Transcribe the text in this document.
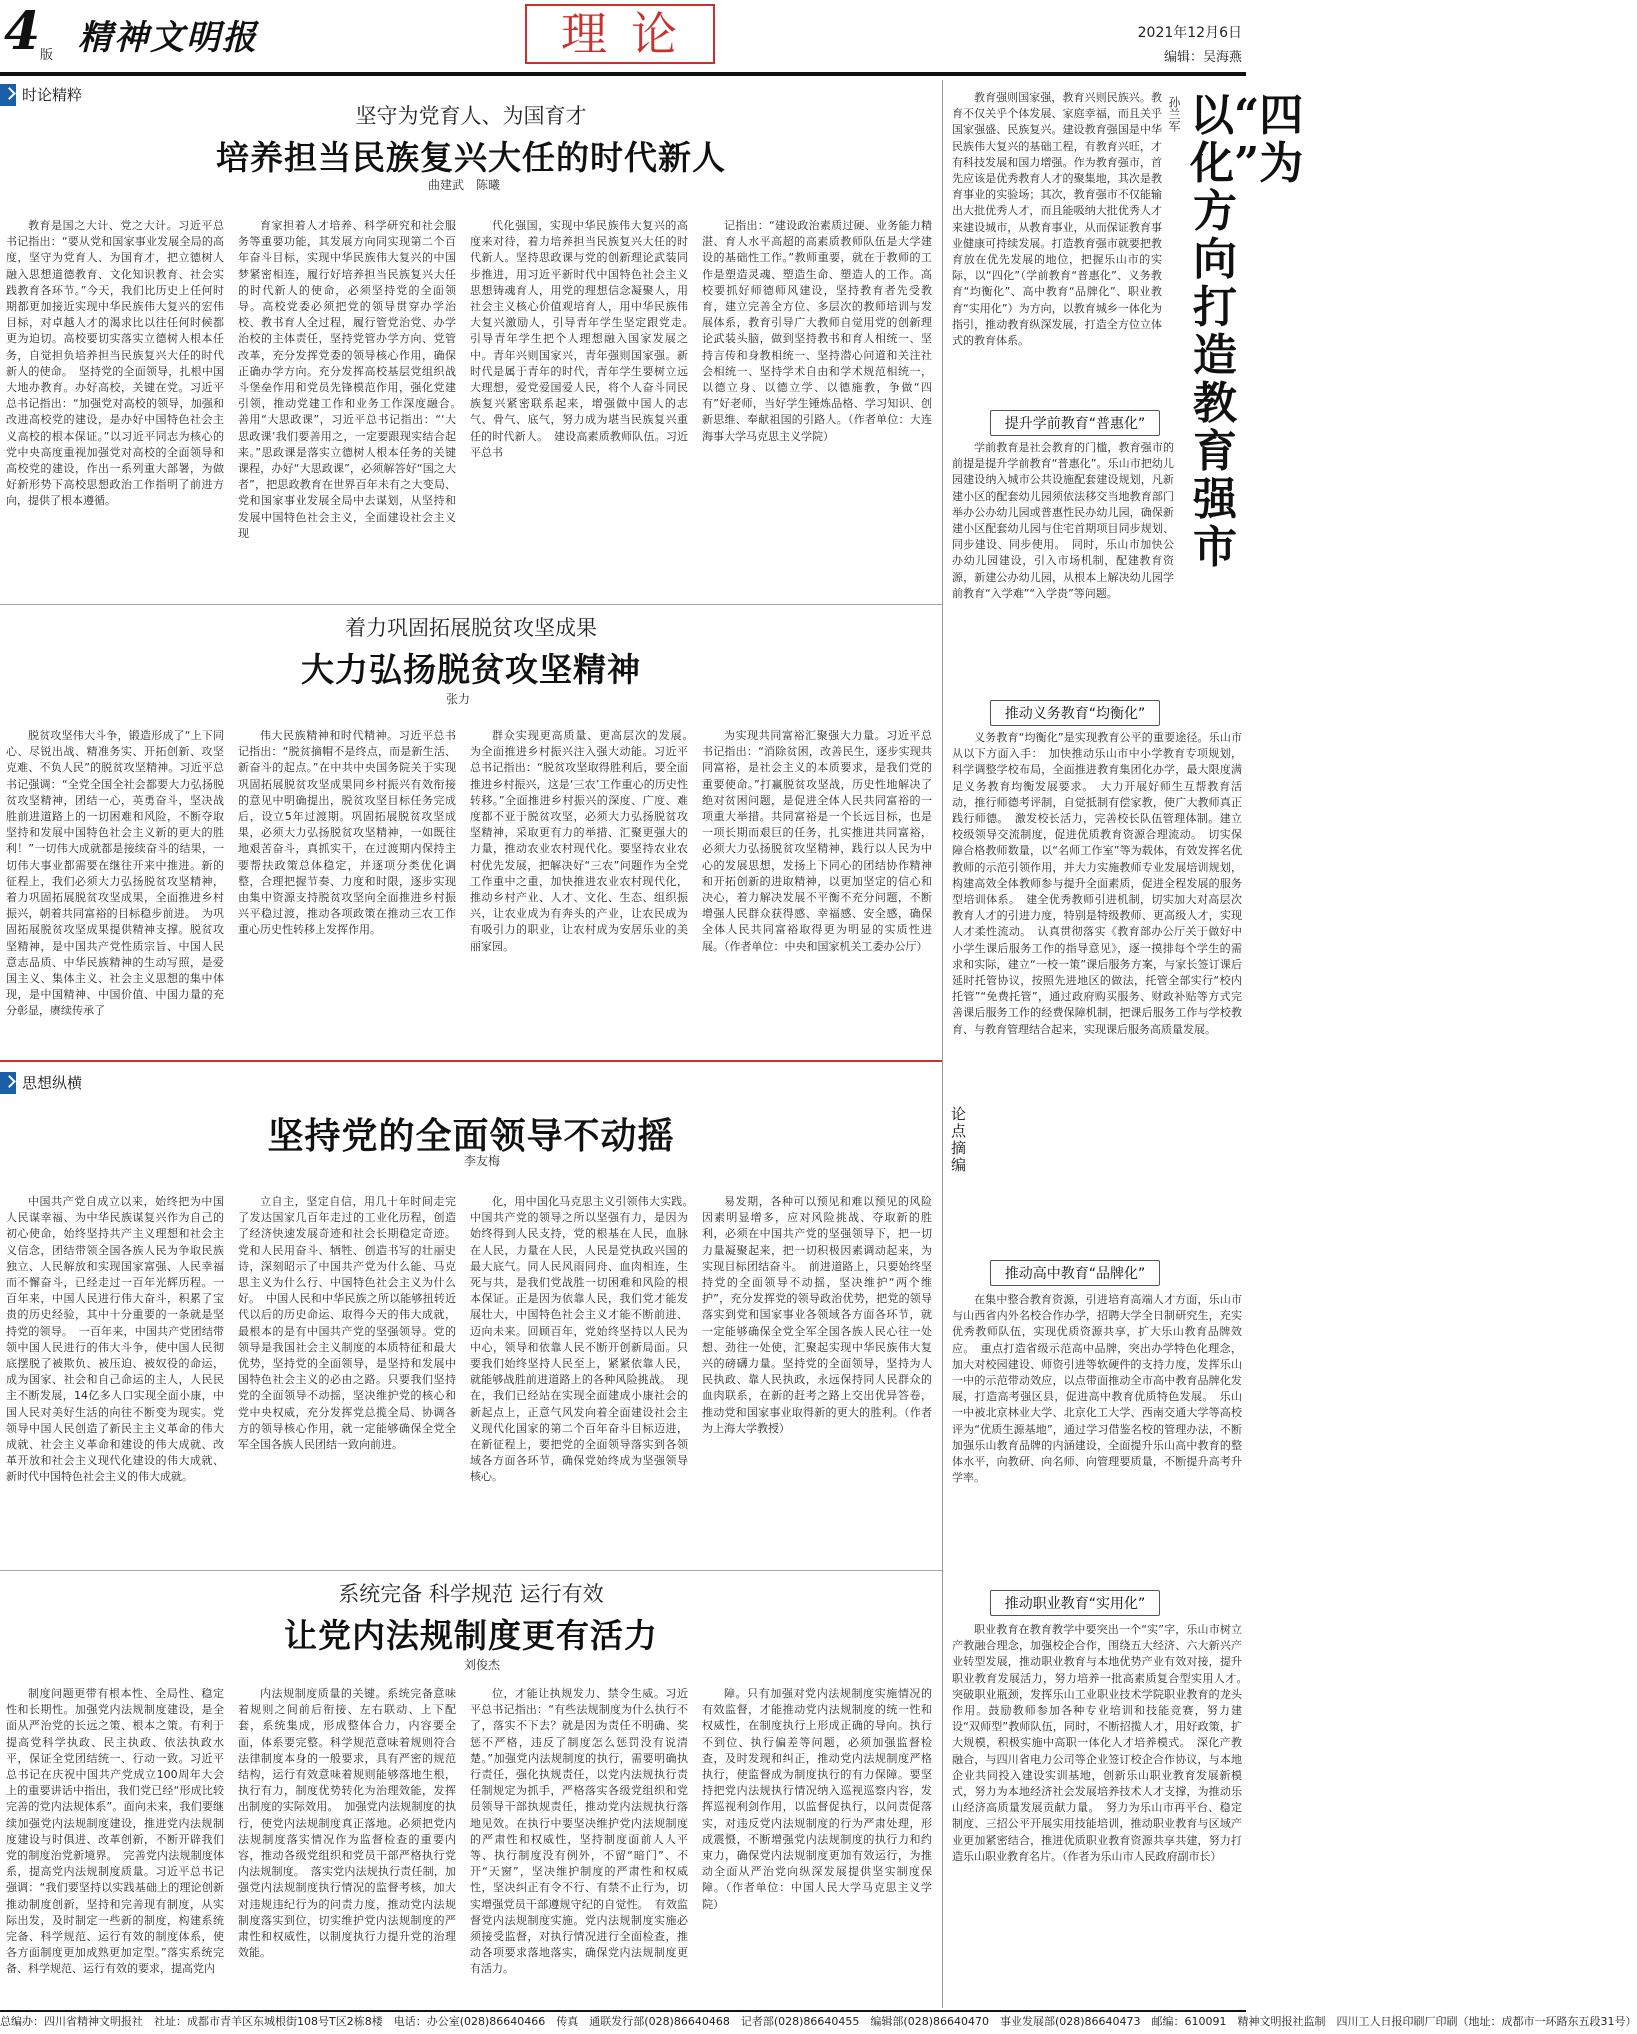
4 版 精神文明报	理论	2021年12月6日
编辑：吴海燕
时论精粹
坚守为党育人、为国育才
培养担当民族复兴大任的时代新人
曲建武　陈曦
教育是国之大计、党之大计。习近平总书记指出：“要从党和国家事业发展全局的高度，坚守为党育人、为国育才，把立德树人融入思想道德教育、文化知识教育、社会实践教育各环节。”今天，我们比历史上任何时期都更加接近实现中华民族伟大复兴的宏伟目标，对卓越人才的渴求比以往任何时候都更为迫切。高校要切实落实立德树人根本任务，自觉担负培养担当民族复兴大任的时代新人的使命。　坚持党的全面领导，扎根中国大地办教育。办好高校，关键在党。习近平总书记指出：“加强党对高校的领导，加强和改进高校党的建设，是办好中国特色社会主义高校的根本保证。”以习近平同志为核心的党中央高度重视加强党对高校的全面领导和高校党的建设，作出一系列重大部署，为做好新形势下高校思想政治工作指明了前进方向，提供了根本遵循。
育家担着人才培养、科学研究和社会服务等重要功能，其发展方向同实现第二个百年奋斗目标，实现中华民族伟大复兴的中国梦紧密相连，履行好培养担当民族复兴大任的时代新人的使命，必须坚持党的全面领导。高校党委必须把党的领导贯穿办学治校、教书育人全过程，履行管党治党、办学治校的主体责任，坚持党管办学方向、党管改革，充分发挥党委的领导核心作用，确保正确办学方向。充分发挥高校基层党组织战斗堡垒作用和党员先锋模范作用，强化党建引领，推动党建工作和业务工作深度融合。　善用“大思政课”，习近平总书记指出：“‘大思政课’我们要善用之，一定要跟现实结合起来。”思政课是落实立德树人根本任务的关键课程，办好“大思政课”，必须解答好“国之大者”，把思政教育在世界百年未有之大变局、党和国家事业发展全局中去谋划，从坚持和发展中国特色社会主义，全面建设社会主义现
代化强国，实现中华民族伟大复兴的高度来对待，着力培养担当民族复兴大任的时代新人。坚持思政课与党的创新理论武装同步推进，用习近平新时代中国特色社会主义思想铸魂育人，用党的理想信念凝聚人，用社会主义核心价值观培育人，用中华民族伟大复兴激励人，引导青年学生坚定跟党走。　引导青年学生把个人理想融入国家发展之中。青年兴则国家兴，青年强则国家强。新时代是属于青年的时代，青年学生要树立远大理想，爱党爱国爱人民，将个人奋斗同民族复兴紧密联系起来，增强做中国人的志气、骨气、底气，努力成为堪当民族复兴重任的时代新人。　建设高素质教师队伍。习近平总书
记指出：“建设政治素质过硬、业务能力精湛、育人水平高超的高素质教师队伍是大学建设的基础性工作。”教师重要，就在于教师的工作是塑造灵魂、塑造生命、塑造人的工作。高校要抓好师德师风建设，坚持教育者先受教育，建立完善全方位、多层次的教师培训与发展体系，教育引导广大教师自觉用党的创新理论武装头脑，做到坚持教书和育人相统一、坚持言传和身教相统一、坚持潜心问道和关注社会相统一、坚持学术自由和学术规范相统一，以德立身、以德立学、以德施教，争做“四有”好老师，当好学生锤炼品格、学习知识、创新思维、奉献祖国的引路人。（作者单位：大连海事大学马克思主义学院）
着力巩固拓展脱贫攻坚成果
大力弘扬脱贫攻坚精神
张力
脱贫攻坚伟大斗争，锻造形成了“上下同心、尽锐出战、精准务实、开拓创新、攻坚克难、不负人民”的脱贫攻坚精神。习近平总书记强调：“全党全国全社会都要大力弘扬脱贫攻坚精神，团结一心，英勇奋斗，坚决战胜前进道路上的一切困难和风险，不断夺取坚持和发展中国特色社会主义新的更大的胜利！”一切伟大成就都是接续奋斗的结果，一切伟大事业都需要在继往开来中推进。新的征程上，我们必须大力弘扬脱贫攻坚精神，着力巩固拓展脱贫攻坚成果，全面推进乡村振兴，朝着共同富裕的目标稳步前进。　为巩固拓展脱贫攻坚成果提供精神支撑。脱贫攻坚精神，是中国共产党性质宗旨、中国人民意志品质、中华民族精神的生动写照，是爱国主义、集体主义、社会主义思想的集中体现，是中国精神、中国价值、中国力量的充分彰显，赓续传承了
伟大民族精神和时代精神。习近平总书记指出：“脱贫摘帽不是终点，而是新生活、新奋斗的起点。”在中共中央国务院关于实现巩固拓展脱贫攻坚成果同乡村振兴有效衔接的意见中明确提出，脱贫攻坚目标任务完成后，设立5年过渡期。巩固拓展脱贫攻坚成果，必须大力弘扬脱贫攻坚精神，一如既往地艰苦奋斗，真抓实干，在过渡期内保持主要帮扶政策总体稳定，并逐项分类优化调整，合理把握节奏、力度和时限，逐步实现由集中资源支持脱贫攻坚向全面推进乡村振兴平稳过渡，推动各项政策在推动三农工作重心历史性转移上发挥作用。
群众实现更高质量、更高层次的发展。　为全面推进乡村振兴注入强大动能。习近平总书记指出：“脱贫攻坚取得胜利后，要全面推进乡村振兴，这是‘三农’工作重心的历史性转移。”全面推进乡村振兴的深度、广度、难度都不亚于脱贫攻坚，必须大力弘扬脱贫攻坚精神，采取更有力的举措、汇聚更强大的力量，推动农业农村现代化。要坚持农业农村优先发展，把解决好“三农”问题作为全党工作重中之重，加快推进农业农村现代化，推动乡村产业、人才、文化、生态、组织振兴，让农业成为有奔头的产业，让农民成为有吸引力的职业，让农村成为安居乐业的美丽家园。
为实现共同富裕汇聚强大力量。习近平总书记指出：“消除贫困，改善民生，逐步实现共同富裕，是社会主义的本质要求，是我们党的重要使命。”打赢脱贫攻坚战，历史性地解决了绝对贫困问题，是促进全体人民共同富裕的一项重大举措。共同富裕是一个长远目标，也是一项长期而艰巨的任务，扎实推进共同富裕，必须大力弘扬脱贫攻坚精神，践行以人民为中心的发展思想，发扬上下同心的团结协作精神和开拓创新的进取精神，以更加坚定的信心和决心，着力解决发展不平衡不充分问题，不断增强人民群众获得感、幸福感、安全感，确保全体人民共同富裕取得更为明显的实质性进展。（作者单位：中央和国家机关工委办公厅）
思想纵横
坚持党的全面领导不动摇
李友梅
中国共产党自成立以来，始终把为中国人民谋幸福、为中华民族谋复兴作为自己的初心使命，始终坚持共产主义理想和社会主义信念，团结带领全国各族人民为争取民族独立、人民解放和实现国家富强、人民幸福而不懈奋斗，已经走过一百年光辉历程。一百年来，中国人民进行伟大奋斗，积累了宝贵的历史经验，其中十分重要的一条就是坚持党的领导。　一百年来，中国共产党团结带领中国人民进行的伟大斗争，使中国人民彻底摆脱了被欺负、被压迫、被奴役的命运，成为国家、社会和自己命运的主人，人民民主不断发展，14亿多人口实现全面小康，中国人民对美好生活的向往不断变为现实。党领导中国人民创造了新民主主义革命的伟大成就、社会主义革命和建设的伟大成就、改革开放和社会主义现代化建设的伟大成就、新时代中国特色社会主义的伟大成就。
立自主，坚定自信，用几十年时间走完了发达国家几百年走过的工业化历程，创造了经济快速发展奇迹和社会长期稳定奇迹。党和人民用奋斗、牺牲、创造书写的壮丽史诗，深刻昭示了中国共产党为什么能、马克思主义为什么行、中国特色社会主义为什么好。　中国人民和中华民族之所以能够扭转近代以后的历史命运、取得今天的伟大成就，最根本的是有中国共产党的坚强领导。党的领导是我国社会主义制度的本质特征和最大优势，坚持党的全面领导，是坚持和发展中国特色社会主义的必由之路。只要我们坚持党的全面领导不动摇，坚决维护党的核心和党中央权威，充分发挥党总揽全局、协调各方的领导核心作用，就一定能够确保全党全军全国各族人民团结一致向前进。
化，用中国化马克思主义引领伟大实践。　中国共产党的领导之所以坚强有力，是因为始终得到人民支持，党的根基在人民，血脉在人民，力量在人民，人民是党执政兴国的最大底气。同人民风雨同舟、血肉相连，生死与共，是我们党战胜一切困难和风险的根本保证。正是因为依靠人民，我们党才能发展壮大，中国特色社会主义才能不断前进、迈向未来。回顾百年，党始终坚持以人民为中心，领导和依靠人民不断开创新局面。只要我们始终坚持人民至上，紧紧依靠人民，就能够战胜前进道路上的各种风险挑战。　现在，我们已经站在实现全面建成小康社会的新起点上，正意气风发向着全面建设社会主义现代化国家的第二个百年奋斗目标迈进，在新征程上，要把党的全面领导落实到各领域各方面各环节，确保党始终成为坚强领导核心。
易发期，各种可以预见和难以预见的风险因素明显增多，应对风险挑战、夺取新的胜利，必须在中国共产党的坚强领导下，把一切力量凝聚起来，把一切积极因素调动起来，为实现目标团结奋斗。　前进道路上，只要始终坚持党的全面领导不动摇，坚决维护“两个维护”，充分发挥党的领导政治优势，把党的领导落实到党和国家事业各领域各方面各环节，就一定能够确保全党全军全国各族人民心往一处想、劲往一处使，汇聚起实现中华民族伟大复兴的磅礴力量。坚持党的全面领导，坚持为人民执政、靠人民执政，永远保持同人民群众的血肉联系，在新的赶考之路上交出优异答卷，推动党和国家事业取得新的更大的胜利。（作者为上海大学教授）
系统完备 科学规范 运行有效
让党内法规制度更有活力
刘俊杰
制度问题更带有根本性、全局性、稳定性和长期性。加强党内法规制度建设，是全面从严治党的长远之策、根本之策。有利于提高党科学执政、民主执政、依法执政水平，保证全党团结统一、行动一致。习近平总书记在庆祝中国共产党成立100周年大会上的重要讲话中指出，我们党已经“形成比较完善的党内法规体系”。面向未来，我们要继续加强党内法规制度建设，推进党内法规制度建设与时俱进、改革创新，不断开辟我们党的制度治党新境界。　完善党内法规制度体系，提高党内法规制度质量。习近平总书记强调：“我们要坚持以实践基础上的理论创新推动制度创新，坚持和完善现有制度，从实际出发，及时制定一些新的制度，构建系统完备、科学规范、运行有效的制度体系，使各方面制度更加成熟更加定型。”落实系统完备、科学规范、运行有效的要求，提高党内
内法规制度质量的关键。系统完备意味着规则之间前后衔接、左右联动、上下配套，系统集成，形成整体合力，内容要全面，体系要完整。科学规范意味着规则符合法律制度本身的一般要求，具有严密的规范结构，运行有效意味着规则能够落地生根，执行有力，制度优势转化为治理效能，发挥出制度的实际效用。　加强党内法规制度的执行，使党内法规制度真正落地。必须把党内法规制度落实情况作为监督检查的重要内容，推动各级党组织和党员干部严格执行党内法规制度。　落实党内法规执行责任制，加强党内法规制度执行情况的监督考核，加大对违规违纪行为的问责力度，推动党内法规制度落实到位，切实维护党内法规制度的严肃性和权威性，以制度执行力提升党的治理效能。
位，才能让执规发力、禁令生威。习近平总书记指出：“有些法规制度为什么执行不了，落实不下去？就是因为责任不明确、奖惩不严格，违反了制度怎么惩罚没有说清楚。”加强党内法规制度的执行，需要明确执行责任，强化执规责任，以党内法规执行责任制规定为抓手，严格落实各级党组织和党员领导干部执规责任，推动党内法规执行落地见效。在执行中要坚决维护党内法规制度的严肃性和权威性，坚持制度面前人人平等、执行制度没有例外，不留“暗门”、不开“天窗”，坚决维护制度的严肃性和权威性，坚决纠正有令不行、有禁不止行为，切实增强党员干部遵规守纪的自觉性。　有效监督党内法规制度实施。党内法规制度实施必须接受监督，对执行情况进行全面检查，推动各项要求落地落实，确保党内法规制度更有活力。
障。只有加强对党内法规制度实施情况的有效监督，才能推动党内法规制度的统一性和权威性，在制度执行上形成正确的导向。执行不到位、执行偏差等问题，必须加强监督检查，及时发现和纠正，推动党内法规制度严格执行，使监督成为制度执行的有力保障。要坚持把党内法规执行情况纳入巡视巡察内容，发挥巡视利剑作用，以监督促执行，以问责促落实，对违反党内法规制度的行为严肃处理，形成震慑，不断增强党内法规制度的执行力和约束力，确保党内法规制度更加有效运行，为推动全面从严治党向纵深发展提供坚实制度保障。（作者单位：中国人民大学马克思主义学院）
教育强则国家强，教育兴则民族兴。教育不仅关乎个体发展、家庭幸福，而且关乎国家强盛、民族复兴。建设教育强国是中华民族伟大复兴的基础工程，有教育兴旺，才有科技发展和国力增强。作为教育强市，首先应该是优秀教育人才的聚集地，其次是教育事业的实验场；其次，教育强市不仅能输出大批优秀人才，而且能吸纳大批优秀人才来建设城市，从教育事业，从而保证教育事业健康可持续发展。打造教育强市就要把教育放在优先发展的地位，把握乐山市的实际，以“四化”（学前教育“普惠化”、义务教育“均衡化”、高中教育“品牌化”、职业教育“实用化”）为方向，以教育城乡一体化为指引，推动教育纵深发展，打造全方位立体式的教育体系。
孙兰军 以“四化”为方向　打造教育强市
提升学前教育“普惠化”
学前教育是社会教育的门槛，教育强市的前提是提升学前教育“普惠化”。乐山市把幼儿园建设纳入城市公共设施配套建设规划，凡新建小区的配套幼儿园须依法移交当地教育部门举办公办幼儿园或普惠性民办幼儿园，确保新建小区配套幼儿园与住宅首期项目同步规划、同步建设、同步使用。　同时，乐山市加快公办幼儿园建设，引入市场机制，配建教育资源，新建公办幼儿园，从根本上解决幼儿园学前教育“入学难”“入学贵”等问题。
推动义务教育“均衡化”
义务教育“均衡化”是实现教育公平的重要途径。乐山市从以下方面入手：　加快推动乐山市中小学教育专项规划，科学调整学校布局，全面推进教育集团化办学，最大限度满足义务教育均衡发展要求。　大力开展好师生互帮教育活动，推行师德考评制，自觉抵制有偿家教，使广大教师真正践行师德。　激发校长活力，完善校长队伍管理体制。建立校级领导交流制度，促进优质教育资源合理流动。　切实保障合格教师数量，以“名师工作室”等为载体，有效发挥名优教师的示范引领作用，并大力实施教师专业发展培训规划，构建高效全体教师参与提升全面素质，促进全程发展的服务型培训体系。　建全优秀教师引进机制，切实加大对高层次教育人才的引进力度，特别是特级教师、更高级人才，实现人才柔性流动。　认真贯彻落实《教育部办公厅关于做好中小学生课后服务工作的指导意见》，逐一摸排每个学生的需求和实际，建立“一校一策”课后服务方案，与家长签订课后延时托管协议，按照先进地区的做法，托管全部实行“校内托管”“免费托管”，通过政府购买服务、财政补贴等方式完善课后服务工作的经费保障机制，把课后服务工作与学校教育、与教育管理结合起来，实现课后服务高质量发展。
论点摘编
推动高中教育“品牌化”
在集中整合教育资源，引进培育高端人才方面，乐山市与山西省内外名校合作办学，招聘大学全日制研究生，充实优秀教师队伍，实现优质资源共享，扩大乐山教育品牌效应。　重点打造省级示范高中品牌，突出办学特色化理念，加大对校园建设、师资引进等软硬件的支持力度，发挥乐山一中的示范带动效应，以点带面推动全市高中教育品牌化发展，打造高考强区县，促进高中教育优质特色发展。　乐山一中被北京林业大学、北京化工大学、西南交通大学等高校评为“优质生源基地”，通过学习借鉴名校的管理办法，不断加强乐山教育品牌的内涵建设，全面提升乐山高中教育的整体水平，向教研、向名师、向管理要质量，不断提升高考升学率。
推动职业教育“实用化”
职业教育在教育教学中要突出一个“实”字，乐山市树立产教融合理念，加强校企合作，围绕五大经济、六大新兴产业转型发展，推动职业教育与本地优势产业有效对接，提升职业教育发展活力，努力培养一批高素质复合型实用人才。　突破职业瓶颈，发挥乐山工业职业技术学院职业教育的龙头作用。鼓励教师参加各种专业培训和技能竞赛，努力建设“双师型”教师队伍，同时，不断招揽人才，用好政策，扩大规模，积极实施中高职一体化人才培养模式。　深化产教融合，与四川省电力公司等企业签订校企合作协议，与本地企业共同投入建设实训基地，创新乐山职业教育发展新模式，努力为本地经济社会发展培养技术人才支撑，为推动乐山经济高质量发展贡献力量。　努力为乐山市再平台、稳定制度、三招公平开展实用技能培训，推动职业教育与区域产业更加紧密结合，推进优质职业教育资源共享共建，努力打造乐山职业教育名片。（作者为乐山市人民政府副市长）
总编办：四川省精神文明报社　社址：成都市青羊区东城根街108号T区2栋8楼　电话：办公室(028)86640466　传真　通联发行部(028)86640468　记者部(028)86640455　编辑部(028)86640470　事业发展部(028)86640473　邮编：610091　精神文明报社监制　四川工人日报印刷厂印刷（地址：成都市一环路东五段31号）
